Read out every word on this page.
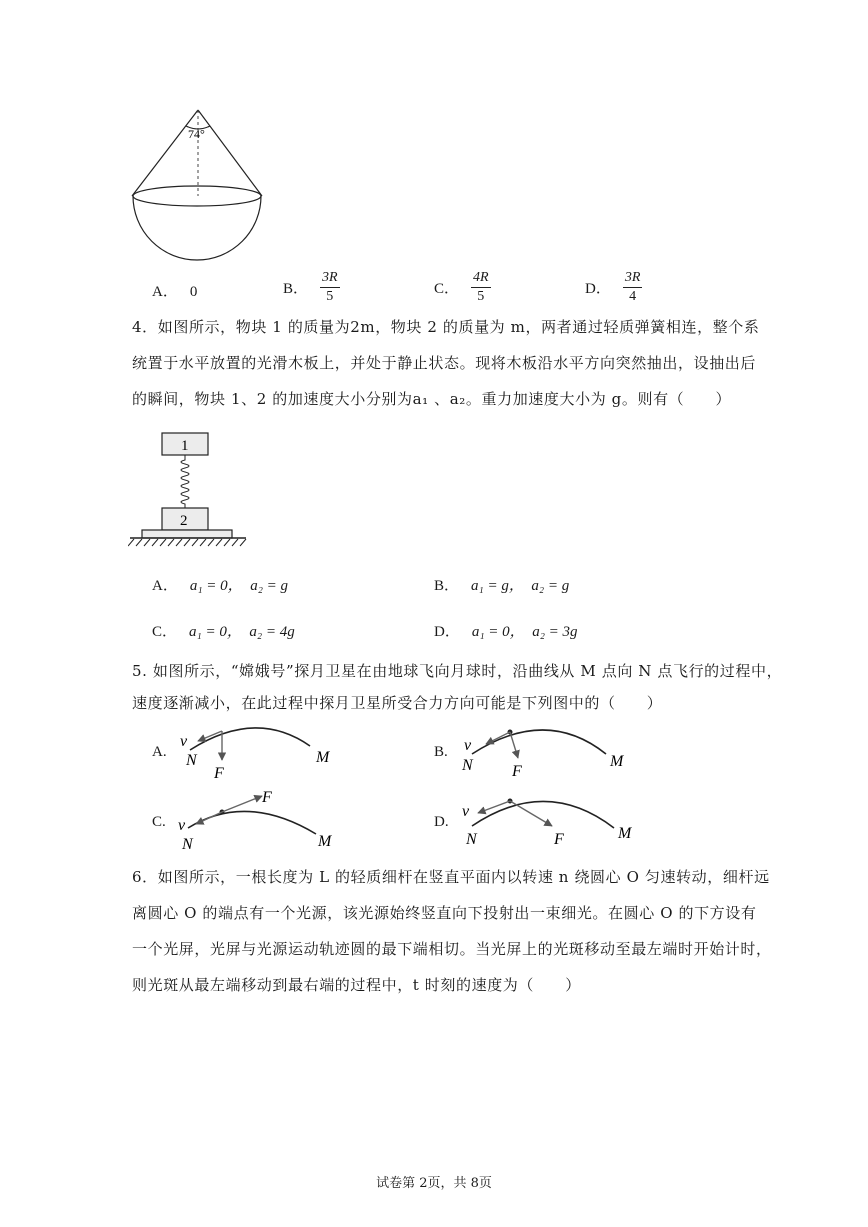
74°
A． 0	B． $\frac{3R}{5}$	C． $\frac{4R}{5}$	D． $\frac{3R}{4}$
4．如图所示，物块 1 的质量为2m，物块 2 的质量为 m，两者通过轻质弹簧相连，整个系
统置于水平放置的光滑木板上，并处于静止状态。现将木板沿水平方向突然抽出，设抽出后
的瞬间，物块 1、2 的加速度大小分别为a₁ 、a₂。重力加速度大小为 g。则有（　　）
1
2
A． a₁ = 0， a₂ = g	B． a₁ = g， a₂ = g
C． a₁ = 0， a₂ = 4g	D． a₁ = 0， a₂ = 3g
5. 如图所示，“嫦娥号”探月卫星在由地球飞向月球时，沿曲线从 M 点向 N 点飞行的过程中，
速度逐渐减小，在此过程中探月卫星所受合力方向可能是下列图中的（　　）
A.
v
N
F
M	B. v
N F
M
C. v
N
F
M
D.
v
N	F	M
6．如图所示，一根长度为 L 的轻质细杆在竖直平面内以转速 n 绕圆心 O 匀速转动，细杆远
离圆心 O 的端点有一个光源，该光源始终竖直向下投射出一束细光。在圆心 O 的下方设有
一个光屏，光屏与光源运动轨迹圆的最下端相切。当光屏上的光斑移动至最左端时开始计时，
则光斑从最左端移动到最右端的过程中，t 时刻的速度为（　　）
试卷第 2页，共 8页
